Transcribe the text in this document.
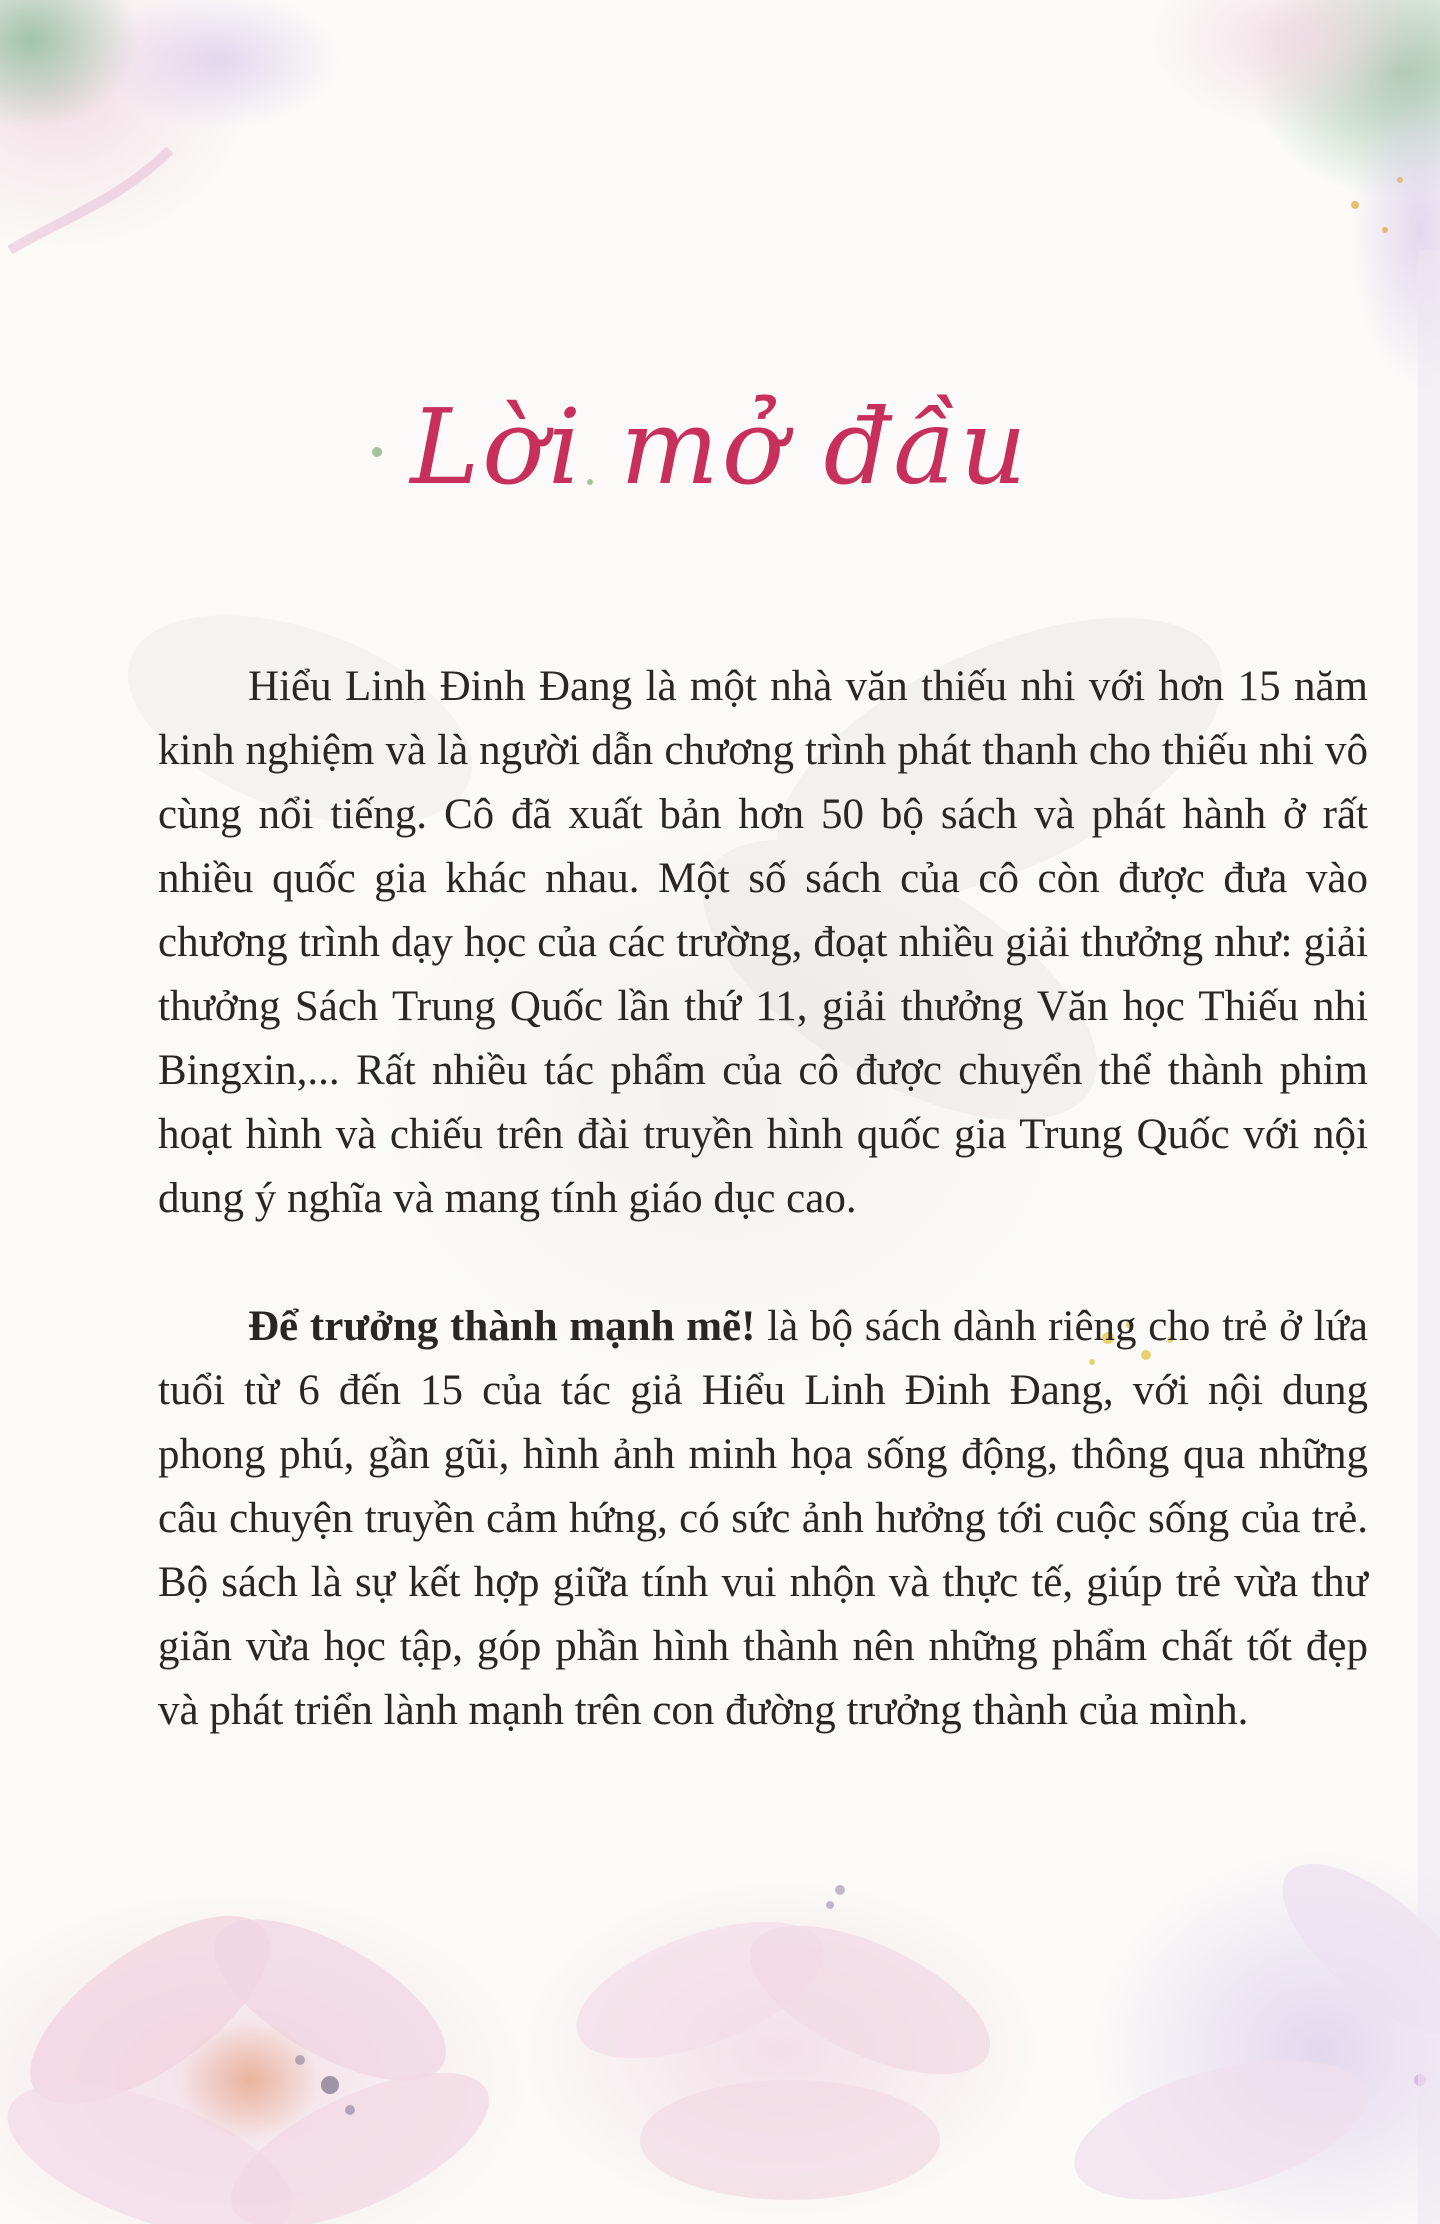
Lời mở đầu

Hiểu Linh Đinh Đang là một nhà văn thiếu nhi với hơn 15 năm kinh nghiệm và là người dẫn chương trình phát thanh cho thiếu nhi vô cùng nổi tiếng. Cô đã xuất bản hơn 50 bộ sách và phát hành ở rất nhiều quốc gia khác nhau. Một số sách của cô còn được đưa vào chương trình dạy học của các trường, đoạt nhiều giải thưởng như: giải thưởng Sách Trung Quốc lần thứ 11, giải thưởng Văn học Thiếu nhi Bingxin,... Rất nhiều tác phẩm của cô được chuyển thể thành phim hoạt hình và chiếu trên đài truyền hình quốc gia Trung Quốc với nội dung ý nghĩa và mang tính giáo dục cao.

Để trưởng thành mạnh mẽ! là bộ sách dành riêng cho trẻ ở lứa tuổi từ 6 đến 15 của tác giả Hiểu Linh Đinh Đang, với nội dung phong phú, gần gũi, hình ảnh minh họa sống động, thông qua những câu chuyện truyền cảm hứng, có sức ảnh hưởng tới cuộc sống của trẻ. Bộ sách là sự kết hợp giữa tính vui nhộn và thực tế, giúp trẻ vừa thư giãn vừa học tập, góp phần hình thành nên những phẩm chất tốt đẹp và phát triển lành mạnh trên con đường trưởng thành của mình.
